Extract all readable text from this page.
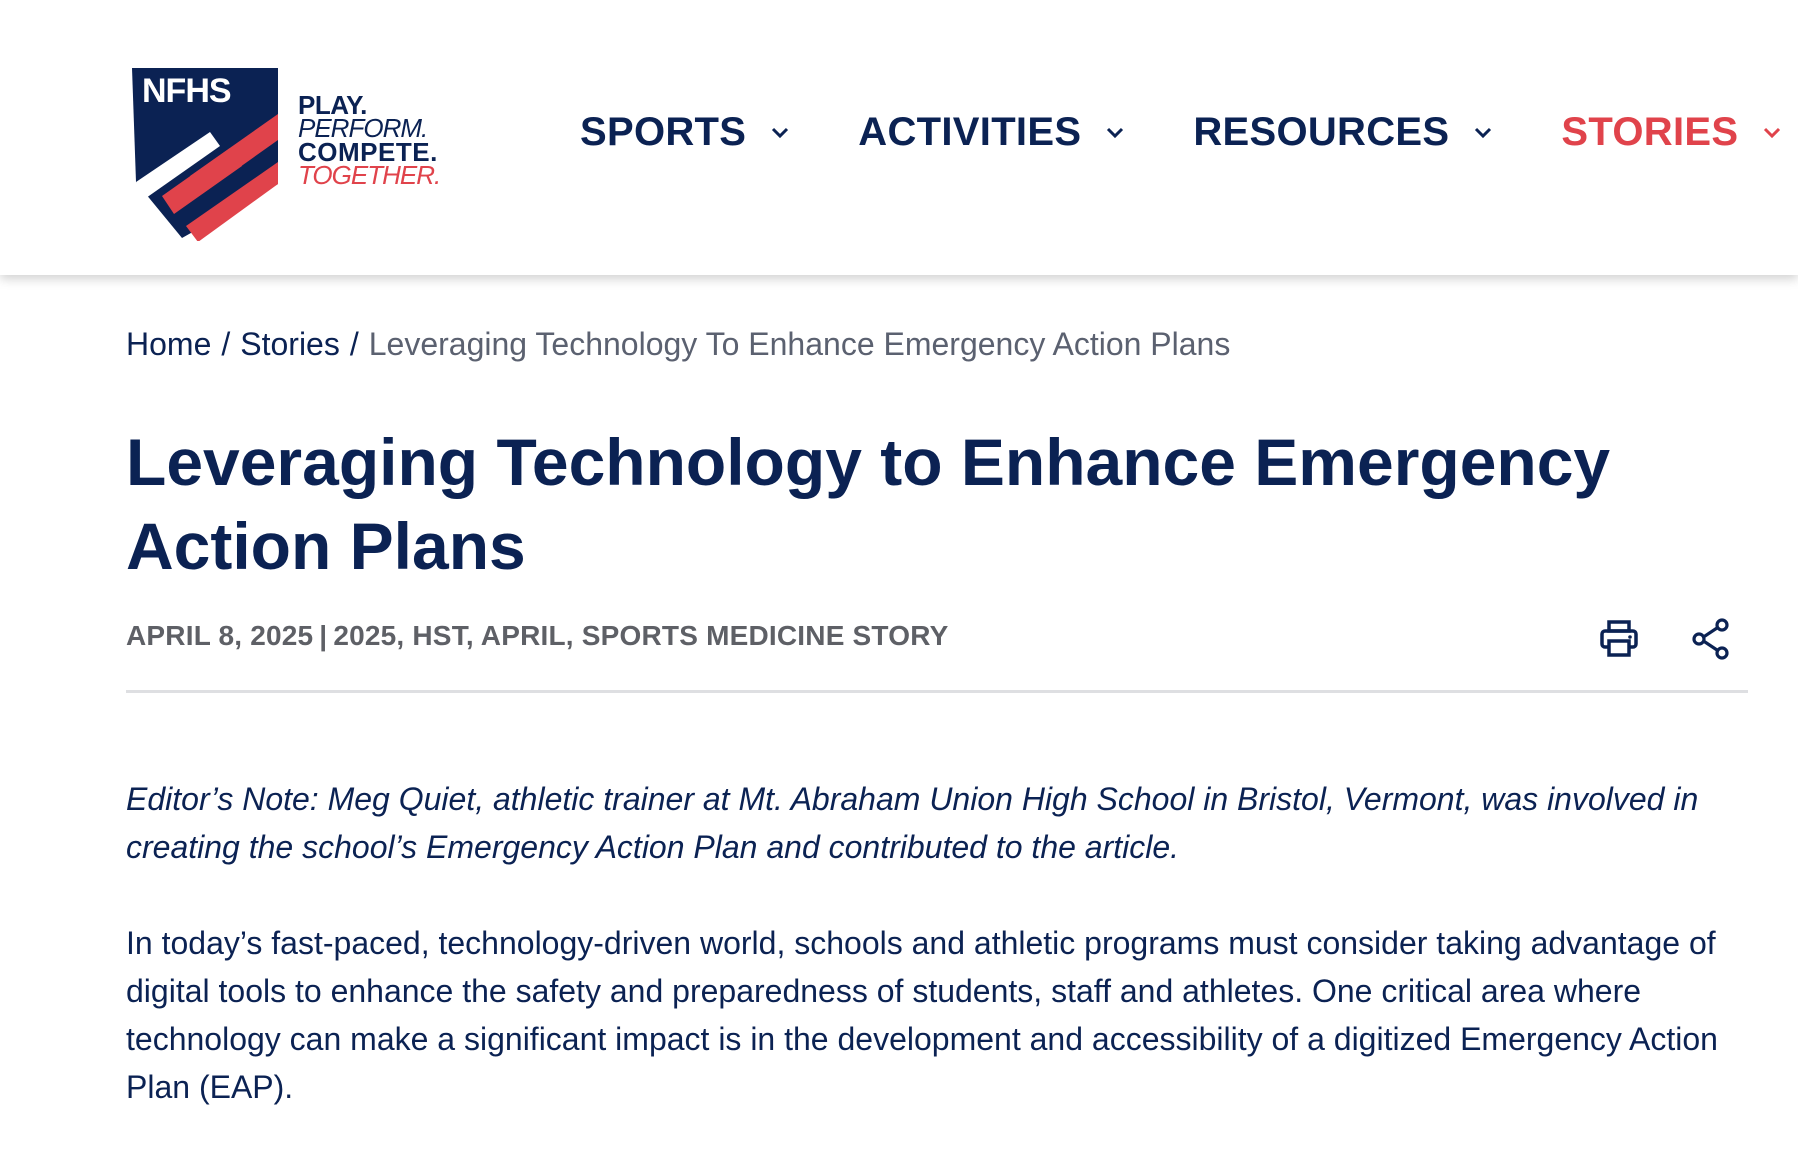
NFHS	PLAY.
PERFORM.
COMPETE.
TOGETHER.
SPORTS	ACTIVITIES	RESOURCES	STORIES
Home / Stories / Leveraging Technology To Enhance Emergency Action Plans
Leveraging Technology to Enhance Emergency Action Plans
APRIL 8, 2025 | 2025, HST, APRIL, SPORTS MEDICINE STORY

Editor’s Note: Meg Quiet, athletic trainer at Mt. Abraham Union High School in Bristol, Vermont, was involved in creating the school’s Emergency Action Plan and contributed to the article.

In today’s fast-paced, technology-driven world, schools and athletic programs must consider taking advantage of digital tools to enhance the safety and preparedness of students, staff and athletes. One critical area where technology can make a significant impact is in the development and accessibility of a digitized Emergency Action Plan (EAP).
